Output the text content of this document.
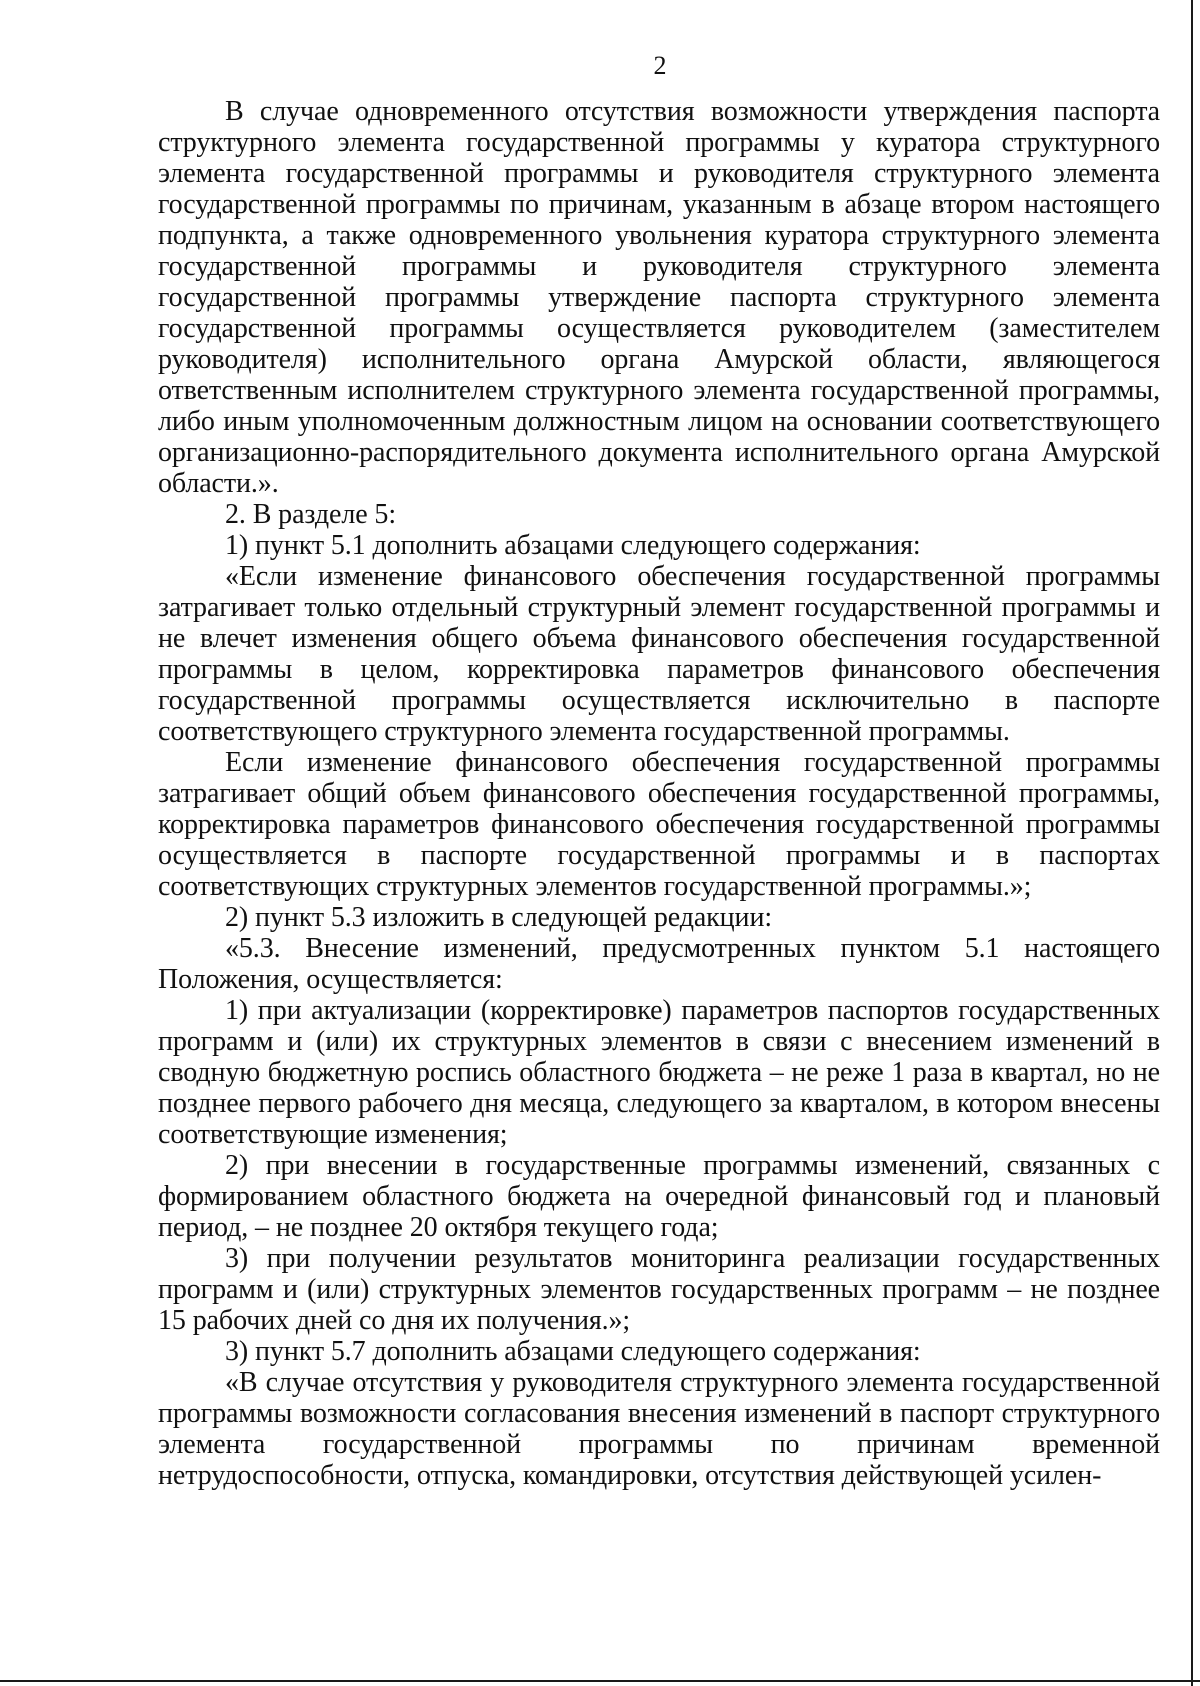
2

В случае одновременного отсутствия возможности утверждения паспорта структурного элемента государственной программы у куратора структурного элемента государственной программы и руководителя структурного элемента государственной программы по причинам, указанным в абзаце втором настоящего подпункта, а также одновременного увольнения куратора структурного элемента государственной программы и руководителя структурного элемента государственной программы утверждение паспорта структурного элемента государственной программы осуществляется руководителем (заместителем руководителя) исполнительного органа Амурской области, являющегося ответственным исполнителем структурного элемента государственной программы, либо иным уполномоченным должностным лицом на основании соответствующего организационно-распорядительного документа исполнительного органа Амурской области.».

2. В разделе 5:

1) пункт 5.1 дополнить абзацами следующего содержания:

«Если изменение финансового обеспечения государственной программы затрагивает только отдельный структурный элемент государственной программы и не влечет изменения общего объема финансового обеспечения государственной программы в целом, корректировка параметров финансового обеспечения государственной программы осуществляется исключительно в паспорте соответствующего структурного элемента государственной программы.

Если изменение финансового обеспечения государственной программы затрагивает общий объем финансового обеспечения государственной программы, корректировка параметров финансового обеспечения государственной программы осуществляется в паспорте государственной программы и в паспортах соответствующих структурных элементов государственной программы.»;

2) пункт 5.3 изложить в следующей редакции:

«5.3. Внесение изменений, предусмотренных пунктом 5.1 настоящего Положения, осуществляется:

1) при актуализации (корректировке) параметров паспортов государственных программ и (или) их структурных элементов в связи с внесением изменений в сводную бюджетную роспись областного бюджета – не реже 1 раза в квартал, но не позднее первого рабочего дня месяца, следующего за кварталом, в котором внесены соответствующие изменения;

2) при внесении в государственные программы изменений, связанных с формированием областного бюджета на очередной финансовый год и плановый период, – не позднее 20 октября текущего года;

3) при получении результатов мониторинга реализации государственных программ и (или) структурных элементов государственных программ – не позднее 15 рабочих дней со дня их получения.»;

3) пункт 5.7 дополнить абзацами следующего содержания:

«В случае отсутствия у руководителя структурного элемента государственной программы возможности согласования внесения изменений в паспорт структурного элемента государственной программы по причинам временной нетрудоспособности, отпуска, командировки, отсутствия действующей усилен-
